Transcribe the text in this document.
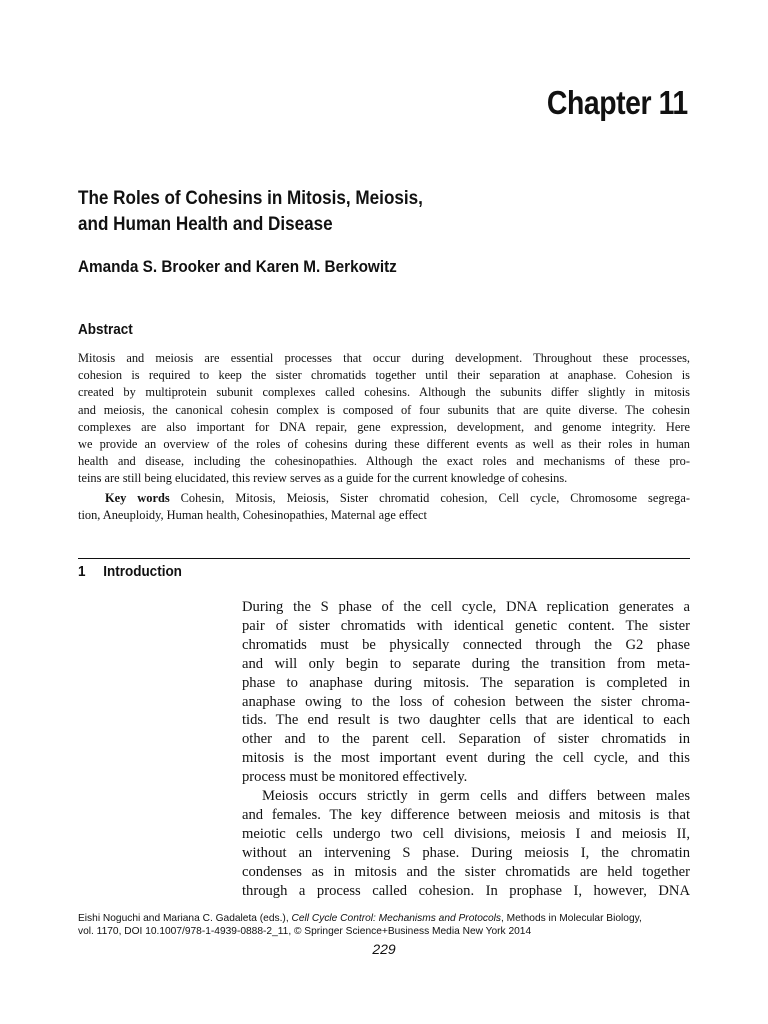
Chapter 11
The Roles of Cohesins in Mitosis, Meiosis,
and Human Health and Disease
Amanda S. Brooker and Karen M. Berkowitz
Abstract
Mitosis and meiosis are essential processes that occur during development. Throughout these processes,
cohesion is required to keep the sister chromatids together until their separation at anaphase. Cohesion is
created by multiprotein subunit complexes called cohesins. Although the subunits differ slightly in mitosis
and meiosis, the canonical cohesin complex is composed of four subunits that are quite diverse. The cohesin
complexes are also important for DNA repair, gene expression, development, and genome integrity. Here
we provide an overview of the roles of cohesins during these different events as well as their roles in human
health and disease, including the cohesinopathies. Although the exact roles and mechanisms of these pro-
teins are still being elucidated, this review serves as a guide for the current knowledge of cohesins.
Key words Cohesin, Mitosis, Meiosis, Sister chromatid cohesion, Cell cycle, Chromosome segrega-
tion, Aneuploidy, Human health, Cohesinopathies, Maternal age effect
1 Introduction
During the S phase of the cell cycle, DNA replication generates a
pair of sister chromatids with identical genetic content. The sister
chromatids must be physically connected through the G2 phase
and will only begin to separate during the transition from meta-
phase to anaphase during mitosis. The separation is completed in
anaphase owing to the loss of cohesion between the sister chroma-
tids. The end result is two daughter cells that are identical to each
other and to the parent cell. Separation of sister chromatids in
mitosis is the most important event during the cell cycle, and this
process must be monitored effectively.
Meiosis occurs strictly in germ cells and differs between males
and females. The key difference between meiosis and mitosis is that
meiotic cells undergo two cell divisions, meiosis I and meiosis II,
without an intervening S phase. During meiosis I, the chromatin
condenses as in mitosis and the sister chromatids are held together
through a process called cohesion. In prophase I, however, DNA
Eishi Noguchi and Mariana C. Gadaleta (eds.), Cell Cycle Control: Mechanisms and Protocols, Methods in Molecular Biology,
vol. 1170, DOI 10.1007/978-1-4939-0888-2_11, © Springer Science+Business Media New York 2014
229
